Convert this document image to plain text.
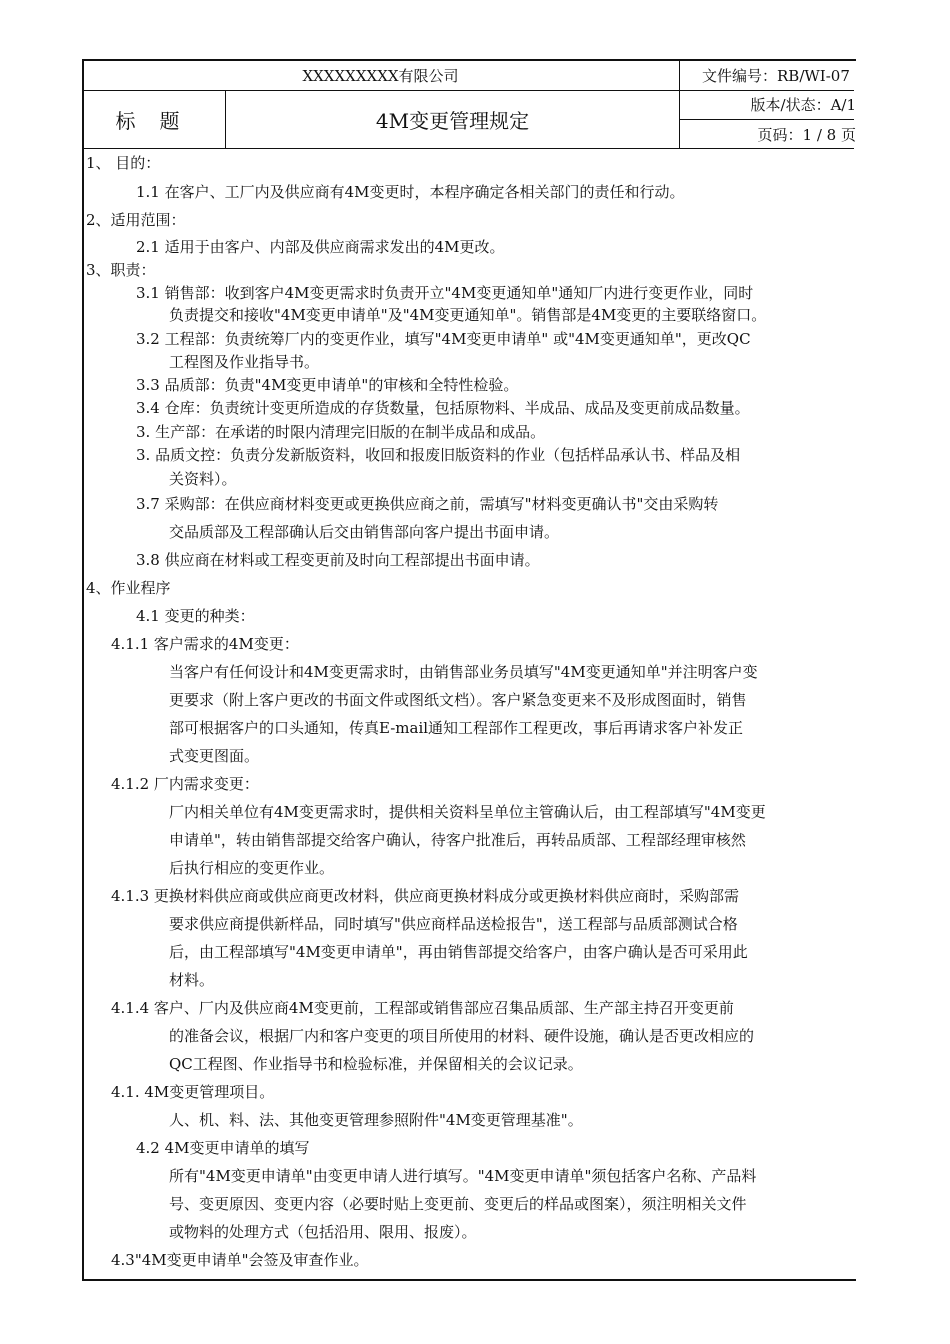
XXXXXXXXX有限公司	文件编号：RB/WI-07
标题	4M变更管理规定
版本/状态：A/1
页码：1 / 8 页
1、 目的：
1.1 在客户、工厂内及供应商有4M变更时，本程序确定各相关部门的责任和行动。
2、适用范围：
2.1 适用于由客户、内部及供应商需求发出的4M更改。
3、职责：
3.1 销售部：收到客户4M变更需求时负责开立"4M变更通知单"通知厂内进行变更作业，同时
负责提交和接收"4M变更申请单"及"4M变更通知单"。销售部是4M变更的主要联络窗口。
3.2 工程部：负责统筹厂内的变更作业，填写"4M变更申请单" 或"4M变更通知单"，更改QC
工程图及作业指导书。
3.3 品质部：负责"4M变更申请单"的审核和全特性检验。
3.4 仓库：负责统计变更所造成的存货数量，包括原物料、半成品、成品及变更前成品数量。
3. 生产部：在承诺的时限内清理完旧版的在制半成品和成品。
3. 品质文控：负责分发新版资料，收回和报废旧版资料的作业（包括样品承认书、样品及相
关资料）。
3.7 采购部：在供应商材料变更或更换供应商之前，需填写"材料变更确认书"交由采购转
交品质部及工程部确认后交由销售部向客户提出书面申请。
3.8 供应商在材料或工程变更前及时向工程部提出书面申请。
4、作业程序
4.1 变更的种类：
4.1.1 客户需求的4M变更：
当客户有任何设计和4M变更需求时，由销售部业务员填写"4M变更通知单"并注明客户变
更要求（附上客户更改的书面文件或图纸文档）。客户紧急变更来不及形成图面时，销售
部可根据客户的口头通知，传真E-mail通知工程部作工程更改，事后再请求客户补发正
式变更图面。
4.1.2 厂内需求变更：
厂内相关单位有4M变更需求时，提供相关资料呈单位主管确认后，由工程部填写"4M变更
申请单"，转由销售部提交给客户确认，待客户批准后，再转品质部、工程部经理审核然
后执行相应的变更作业。
4.1.3 更换材料供应商或供应商更改材料，供应商更换材料成分或更换材料供应商时，采购部需
要求供应商提供新样品，同时填写"供应商样品送检报告"，送工程部与品质部测试合格
后，由工程部填写"4M变更申请单"，再由销售部提交给客户，由客户确认是否可采用此
材料。
4.1.4 客户、厂内及供应商4M变更前，工程部或销售部应召集品质部、生产部主持召开变更前
的准备会议，根据厂内和客户变更的项目所使用的材料、硬件设施，确认是否更改相应的
QC工程图、作业指导书和检验标准，并保留相关的会议记录。
4.1. 4M变更管理项目。
人、机、料、法、其他变更管理参照附件"4M变更管理基准"。
4.2 4M变更申请单的填写
所有"4M变更申请单"由变更申请人进行填写。"4M变更申请单"须包括客户名称、产品料
号、变更原因、变更内容（必要时贴上变更前、变更后的样品或图案），须注明相关文件
或物料的处理方式（包括沿用、限用、报废）。
4.3"4M变更申请单"会签及审查作业。
